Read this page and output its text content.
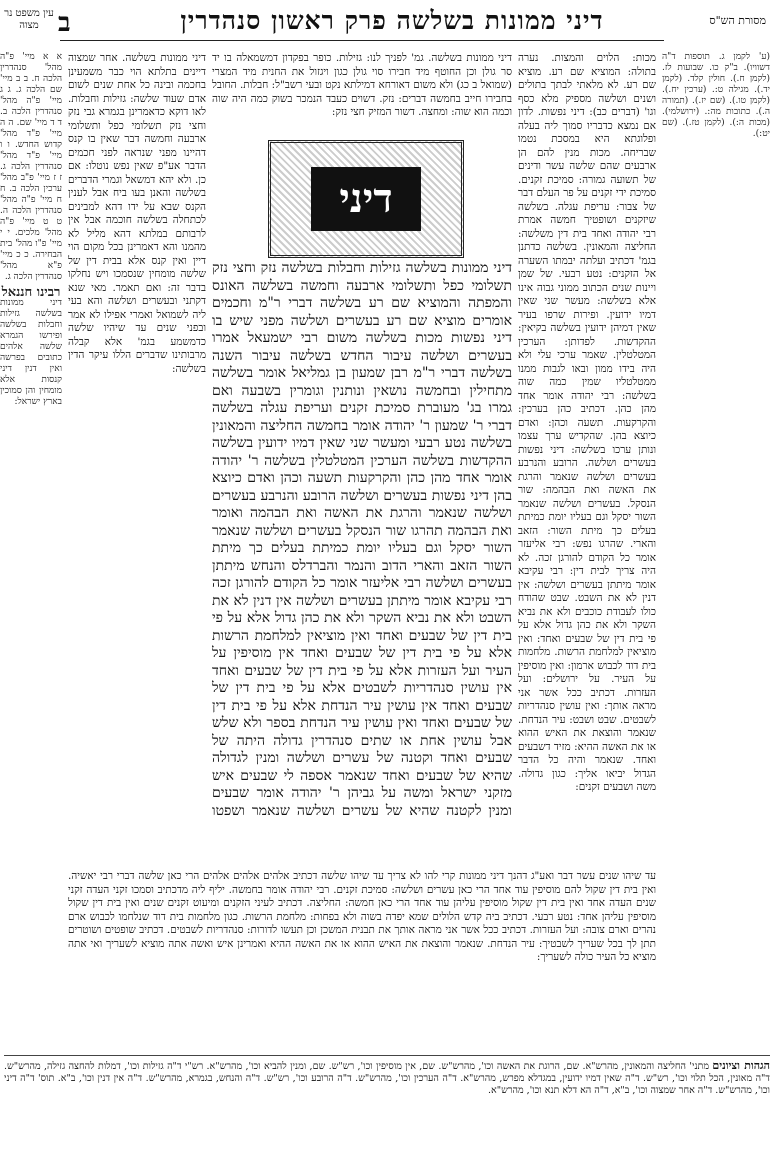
מסורת הש"ס
דיני ממונות בשלשה פרק ראשון סנהדרין
ב
עין משפט נר מצוה
(ע' לקמן ג. תוספות ד"ה דשוויו). ב"ק כו. שבועות לז. (לקמן ח.). חולין קלד. (לקמן יד.). מגילה ט:. (ערכין יח.). (לקמן טו.). (שם יז.). (תמורה ה.). כתובות מה:. (ירושלמי). (מכות ה:). (לקמן טז.). (שם יט:).
מכות: הלוים והמצות. נערה בתולה: המוציא שם רע. מוציא שם רע. לא מלאתי לבתך בתולים ושנים ושלשה מספיק מלא כסף וגו' (דברים כב): דיני נפשות. לדון אם נמצא כדבריו סמוך ליה בעלה ופלוגתא היא במסכת נטמו שבריחה. מכות מנין להם הן ארבעים שהם שלשה עשר ודינים של תשועה גמורה: סמיכת זקנים. סמיכת ידי זקנים על פר העלם דבר של צבור: עריפת עגלה. בשלשה שיזקנים ושופטיך חמשה אמרת רבי יהודה ואחד בית דין משלשה: החליצה והמאונין. בשלשה כדתנן בגמ' דכתיב ועלתה יבמתו השערה אל הזקנים: נטע רבעי. של שמן ויינות שנים הכתוב ממוני גבוה אינו אלא בשלשה: מעשר שני שאין דמיו ידועין. ופירות שרפו בעיר שאין דמיהן ידועין בשלשה בקיאין: ההקדשות. לפדותן: הערכין המטלטלין. שאמר ערכי עלי ולא היה בידו ממון ובאו לגבות ממנו ממטלטליו שמין כמה שוה בשלשה: רבי יהודה אומר אחד מהן כהן. דכתיב כהן בערכין: והקרקעות. תשעה וכהן: ואדם כיוצא בהן. שהקדיש ערך עצמו ונותן ערכו בשלשה: דיני נפשות בעשרים ושלשה. הרובע והנרבע בעשרים ושלשה שנאמר והרגת את האשה ואת הבהמה: שור הנסקל. בעשרים ושלשה שנאמר השור יסקל וגם בעליו יומת כמיתת בעלים כך מיתת השור: הזאב והארי. שהרגו נפש: רבי אליעזר אומר כל הקודם להורגן זכה. לא היה צריך לבית דין: רבי עקיבא אומר מיתתן בעשרים ושלשה: אין דנין לא את השבט. שבט שהודח כולו לעבודת כוכבים ולא את נביא השקר ולא את כהן גדול אלא על פי בית דין של שבעים ואחד: ואין מוציאין למלחמת הרשות. מלחמות בית דוד לכבוש ארמון: ואין מוסיפין על העיר. על ירושלים: ועל העזרות. דכתיב ככל אשר אני מראה אותך: ואין עושין סנהדריות לשבטים. שבט ושבט: עיר הנדחת. שנאמר והוצאת את האיש ההוא או את האשה ההיא: מזיד דשבעים ואחד. שנאמר והיה כל הדבר הגדול יביאו אליך: כגון גדולה. משה ושבעים זקנים:
דיני ממונות בשלשה. גמ' לפניך לנו: גזילות. כופר בפקדון דמשמאלה בו יד סר גולן וכן החוטף מיד חבירו סוי גולן כגון ויגזול את החנית מיד המצרי (שמואל ב כג) ולא משום דאורחא דמילתא נקט ובעי רשב"ל: חבלות. החובל בחבירו חייב בחמשה דברים: נזק. דשוים כעבד הנמכר בשוק כמה היה שוה וכמה הוא שוה: ומחצה. דשור המזיק חצי נזק:
דיני
דיני ממונות בשלשה גזילות וחבלות בשלשה נזק וחצי נזק תשלומי כפל ותשלומי ארבעה וחמשה בשלשה האונס והמפתה והמוציא שם רע בשלשה דברי ר"מ וחכמים אומרים מוציא שם רע בעשרים ושלשה מפני שיש בו דיני נפשות מכות בשלשה משום רבי ישמעאל אמרו בעשרים ושלשה עיבור החדש בשלשה עיבור השנה בשלשה דברי ר"מ רבן שמעון בן גמליאל אומר בשלשה מתחילין ובחמשה נושאין ונותנין וגומרין בשבעה ואם גמרו בג' מעוברת סמיכת זקנים ועריפת עגלה בשלשה דברי ר' שמעון ר' יהודה אומר בחמשה החליצה והמאונין בשלשה נטע רבעי ומעשר שני שאין דמיו ידועין בשלשה ההקדשות בשלשה הערכין המטלטלין בשלשה ר' יהודה אומר אחד מהן כהן והקרקעות תשעה וכהן ואדם כיוצא בהן דיני נפשות בעשרים ושלשה הרובע והנרבע בעשרים ושלשה שנאמר והרגת את האשה ואת הבהמה ואומר ואת הבהמה תהרגו שור הנסקל בעשרים ושלשה שנאמר השור יסקל וגם בעליו יומת כמיתת בעלים כך מיתת השור הזאב והארי הדוב והנמר והברדלס והנחש מיתתן בעשרים ושלשה רבי אליעזר אומר כל הקודם להורגן זכה רבי עקיבא אומר מיתתן בעשרים ושלשה אין דנין לא את השבט ולא את נביא השקר ולא את כהן גדול אלא על פי בית דין של שבעים ואחד ואין מוציאין למלחמת הרשות אלא על פי בית דין של שבעים ואחד אין מוסיפין על העיר ועל העזרות אלא על פי בית דין של שבעים ואחד אין עושין סנהדריות לשבטים אלא על פי בית דין של שבעים ואחד אין עושין עיר הנדחת אלא על פי בית דין של שבעים ואחד ואין עושין עיר הנדחת בספר ולא שלש אבל עושין אחת או שתים סנהדרין גדולה היתה של שבעים ואחד וקטנה של עשרים ושלשה ומנין לגדולה שהיא של שבעים ואחד שנאמר אספה לי שבעים איש מזקני ישראל ומשה על גביהן ר' יהודה אומר שבעים ומנין לקטנה שהיא של עשרים ושלשה שנאמר ושפטו
דיני ממונות בשלשה. אחר שמצוה דיינים בתלתא הוי כבר משמעינן בחכמה ובינה כל אחת שנים לשום אדם שעוד שלשה: גזילות וחבלות. לאו דוקא כדאמרינן בגמרא גבי נזק וחצי נזק תשלומי כפל ותשלומי ארבעה וחמשה דבר שאין בו קנס דהיינו מפני שנראה לפני חכמים הדבר אע"פ שאין נפש נוטלו: אם כן. ולא יהא דמשאל וגמרי הדברים בשלשה והאנן בעו ביח אבל לענין הקנס שבא על ידו דהא למבינים לכתחלה בשלשה חוכמה אבל אין לרבותם במלתא דהא מליל לא מהמנו והא דאמרינן בכל מקום הוי דיין ואין קנס אלא בבית דין של שלשה מומחין שנסמכו ויש נחלקו בדבר זה: ואם תאמר. מאי שנא דקתני ובעשרים ושלשה והא בעי ליה לשמואל ואמרי אפילו לא אמר ובפני שנים עד שיהיו שלשה כדמשמע בגמ' אלא קבלה מרבותינו שדברים הללו עיקר הדין בשלשה:
א א מיי' פ"ה מהל' סנהדרין הלכה ח. ב ב מיי' שם הלכה ג. ג ג מיי' פ"ה מהל' סנהדרין הלכה ב. ד ד מיי' שם. ה ה מיי' פ"ד מהל' קדוש החדש. ו ו מיי' פ"ד מהל' סנהדרין הלכה ג. ז ז מיי' פ"ב מהל' ערכין הלכה ב. ח ח מיי' פ"ה מהל' סנהדרין הלכה ה. ט ט מיי' פ"ה מהל' מלכים. י י מיי' פ"ו מהל' בית הבחירה. כ כ מיי' פ"א מהל' סנהדרין הלכה ג.
רבינו חננאל
דיני ממונות בשלשה גזילות וחבלות בשלשה ופירשו הגמרא שלשה אלהים כתובים בפרשה ואין דנין דיני קנסות אלא מומחין והן סמוכין בארץ ישראל:
עד שיהו שנים עשר דבר ואע"ג דהנך דיני ממונות קרי להו לא צריך עד שיהו שלשה דכתיב אלהים אלהים אלהים הרי כאן שלשה דברי רבי יאשיה. ואין בית דין שקול להם מוסיפין עוד אחד הרי כאן עשרים ושלשה: סמיכת זקנים. רבי יהודה אומר בחמשה. יליף ליה מדכתיב וסמכו זקני העדה זקני שנים העדה אחד ואין בית דין שקול מוסיפין עליהן עוד אחד הרי כאן חמשה: החליצה. דכתיב לעיני הזקנים ומיעוט זקנים שנים ואין בית דין שקול מוסיפין עליהן אחד: נטע רבעי. דכתיב ביה קדש הלולים שמא יפדה בשוה ולא בפחות: מלחמת הרשות. כגון מלחמות בית דוד שנלחמו לכבוש ארם נהרים וארם צובה: ועל העזרות. דכתיב ככל אשר אני מראה אותך את תבנית המשכן וכן תעשו לדורות: סנהדריות לשבטים. דכתיב שופטים ושוטרים תתן לך בכל שעריך לשבטיך: עיר הנדחת. שנאמר והוצאת את האיש ההוא או את האשה ההיא ואמרינן איש ואשה אתה מוציא לשעריך ואי אתה מוציא כל העיר כולה לשעריך:
הגהות וציונים מתני' החליצה והמאונין, מהרש"א. שם, הרוגת את האשה וכו', מהרש"ש. שם, אין מוסיפין וכו', רש"ש. שם, ומנין להביא וכו', מהרש"א. רש"י ד"ה גזילות וכו', דמלות להחצה גזילה, מהרש"ש. ד"ה מאונין, הכל תלוי וכו', רש"ש. ד"ה שאין דמיו ידועין, במגדלא מפרש, מהרש"א. ד"ה הערכין וכו', מהרש"ש. ד"ה הרובע וכו', רש"ש. ד"ה והנחש, בגמרא, מהרש"ש. ד"ה אין דנין וכו', ב"א. תוס' ד"ה דיני וכו', מהרש"ש. ד"ה אחר שמצוה וכו', ב"א, ד"ה הא דלא תנא וכו', מהרש"א.
